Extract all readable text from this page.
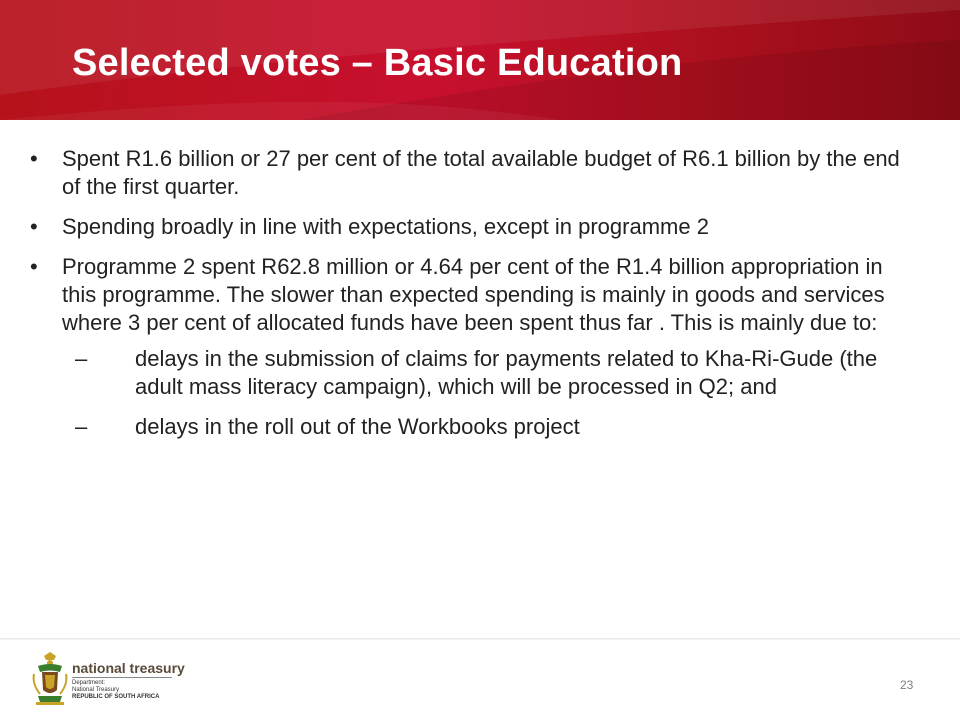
Selected votes – Basic Education
•	Spent R1.6 billion or 27 per cent of the total available budget of R6.1 billion by the end of the first quarter.
•	Spending broadly in line with expectations, except in programme 2
•	Programme 2 spent R62.8 million or 4.64 per cent of the R1.4 billion appropriation in this programme. The slower than expected spending is mainly in goods and services where 3 per cent of allocated funds have been spent thus far . This is mainly due to:
– delays in the submission of claims for payments related to Kha-Ri-Gude (the adult mass literacy campaign), which will be processed in Q2; and
– delays in the roll out of the Workbooks project
national treasury
Department:
National Treasury
REPUBLIC OF SOUTH AFRICA
23
